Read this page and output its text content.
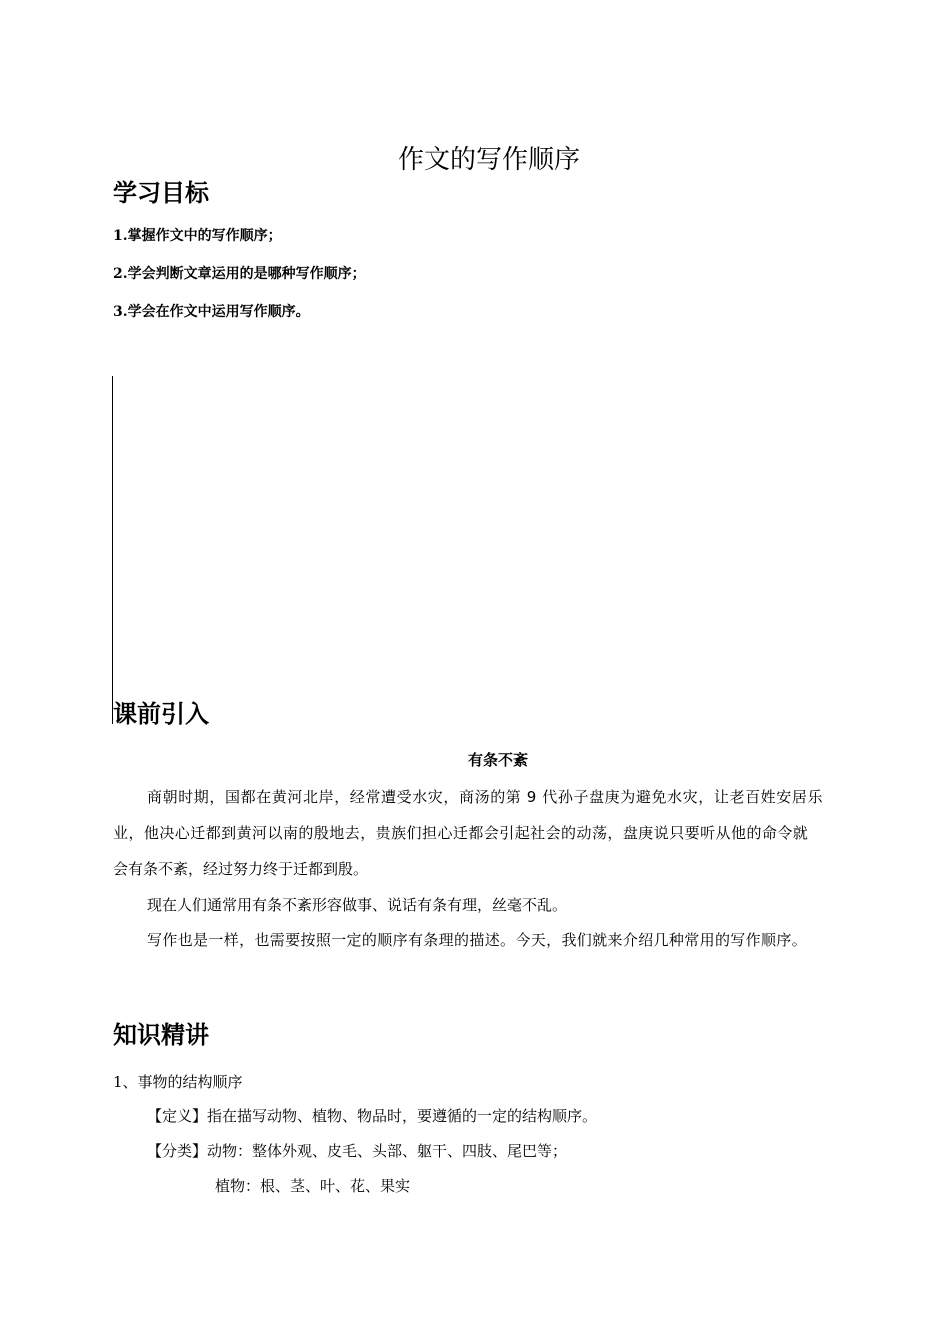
作文的写作顺序
学习目标
1.掌握作文中的写作顺序；
2.学会判断文章运用的是哪种写作顺序；
3.学会在作文中运用写作顺序。
课前引入
有条不紊
商朝时期，国都在黄河北岸，经常遭受水灾，商汤的第 9 代孙子盘庚为避免水灾，让老百姓安居乐
业，他决心迁都到黄河以南的殷地去，贵族们担心迁都会引起社会的动荡，盘庚说只要听从他的命令就
会有条不紊，经过努力终于迁都到殷。
现在人们通常用有条不紊形容做事、说话有条有理，丝毫不乱。
写作也是一样，也需要按照一定的顺序有条理的描述。今天，我们就来介绍几种常用的写作顺序。
知识精讲
1、事物的结构顺序
【定义】指在描写动物、植物、物品时，要遵循的一定的结构顺序。
【分类】动物：整体外观、皮毛、头部、躯干、四肢、尾巴等；
植物：根、茎、叶、花、果实
